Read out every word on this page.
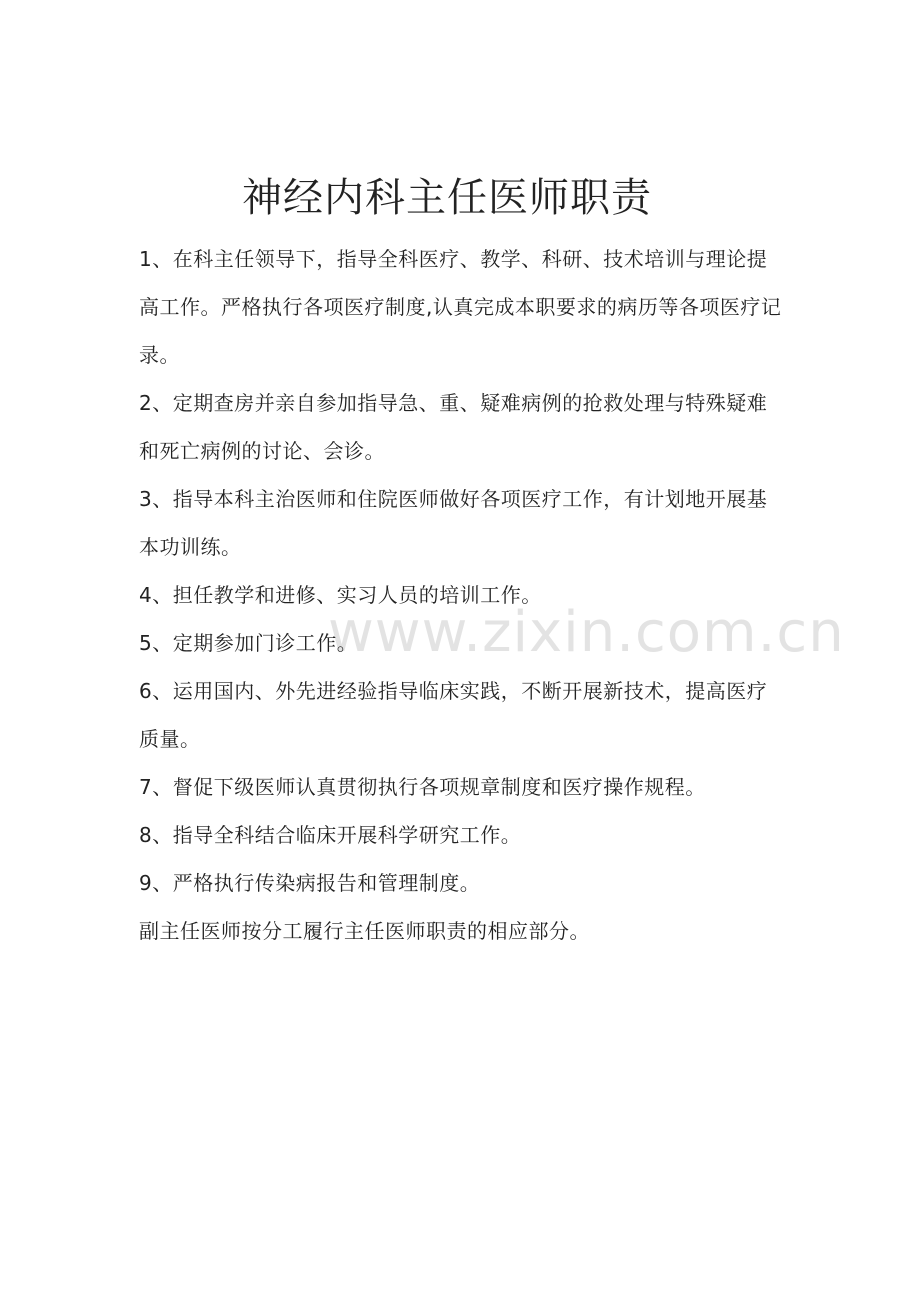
www.zixin.com.cn
神经内科主任医师职责

1、在科主任领导下，指导全科医疗、教学、科研、技术培训与理论提高工作。严格执行各项医疗制度,认真完成本职要求的病历等各项医疗记录。

2、定期查房并亲自参加指导急、重、疑难病例的抢救处理与特殊疑难和死亡病例的讨论、会诊。

3、指导本科主治医师和住院医师做好各项医疗工作，有计划地开展基本功训练。

4、担任教学和进修、实习人员的培训工作。

5、定期参加门诊工作。

6、运用国内、外先进经验指导临床实践，不断开展新技术，提高医疗质量。

7、督促下级医师认真贯彻执行各项规章制度和医疗操作规程。

8、指导全科结合临床开展科学研究工作。

9、严格执行传染病报告和管理制度。

副主任医师按分工履行主任医师职责的相应部分。
